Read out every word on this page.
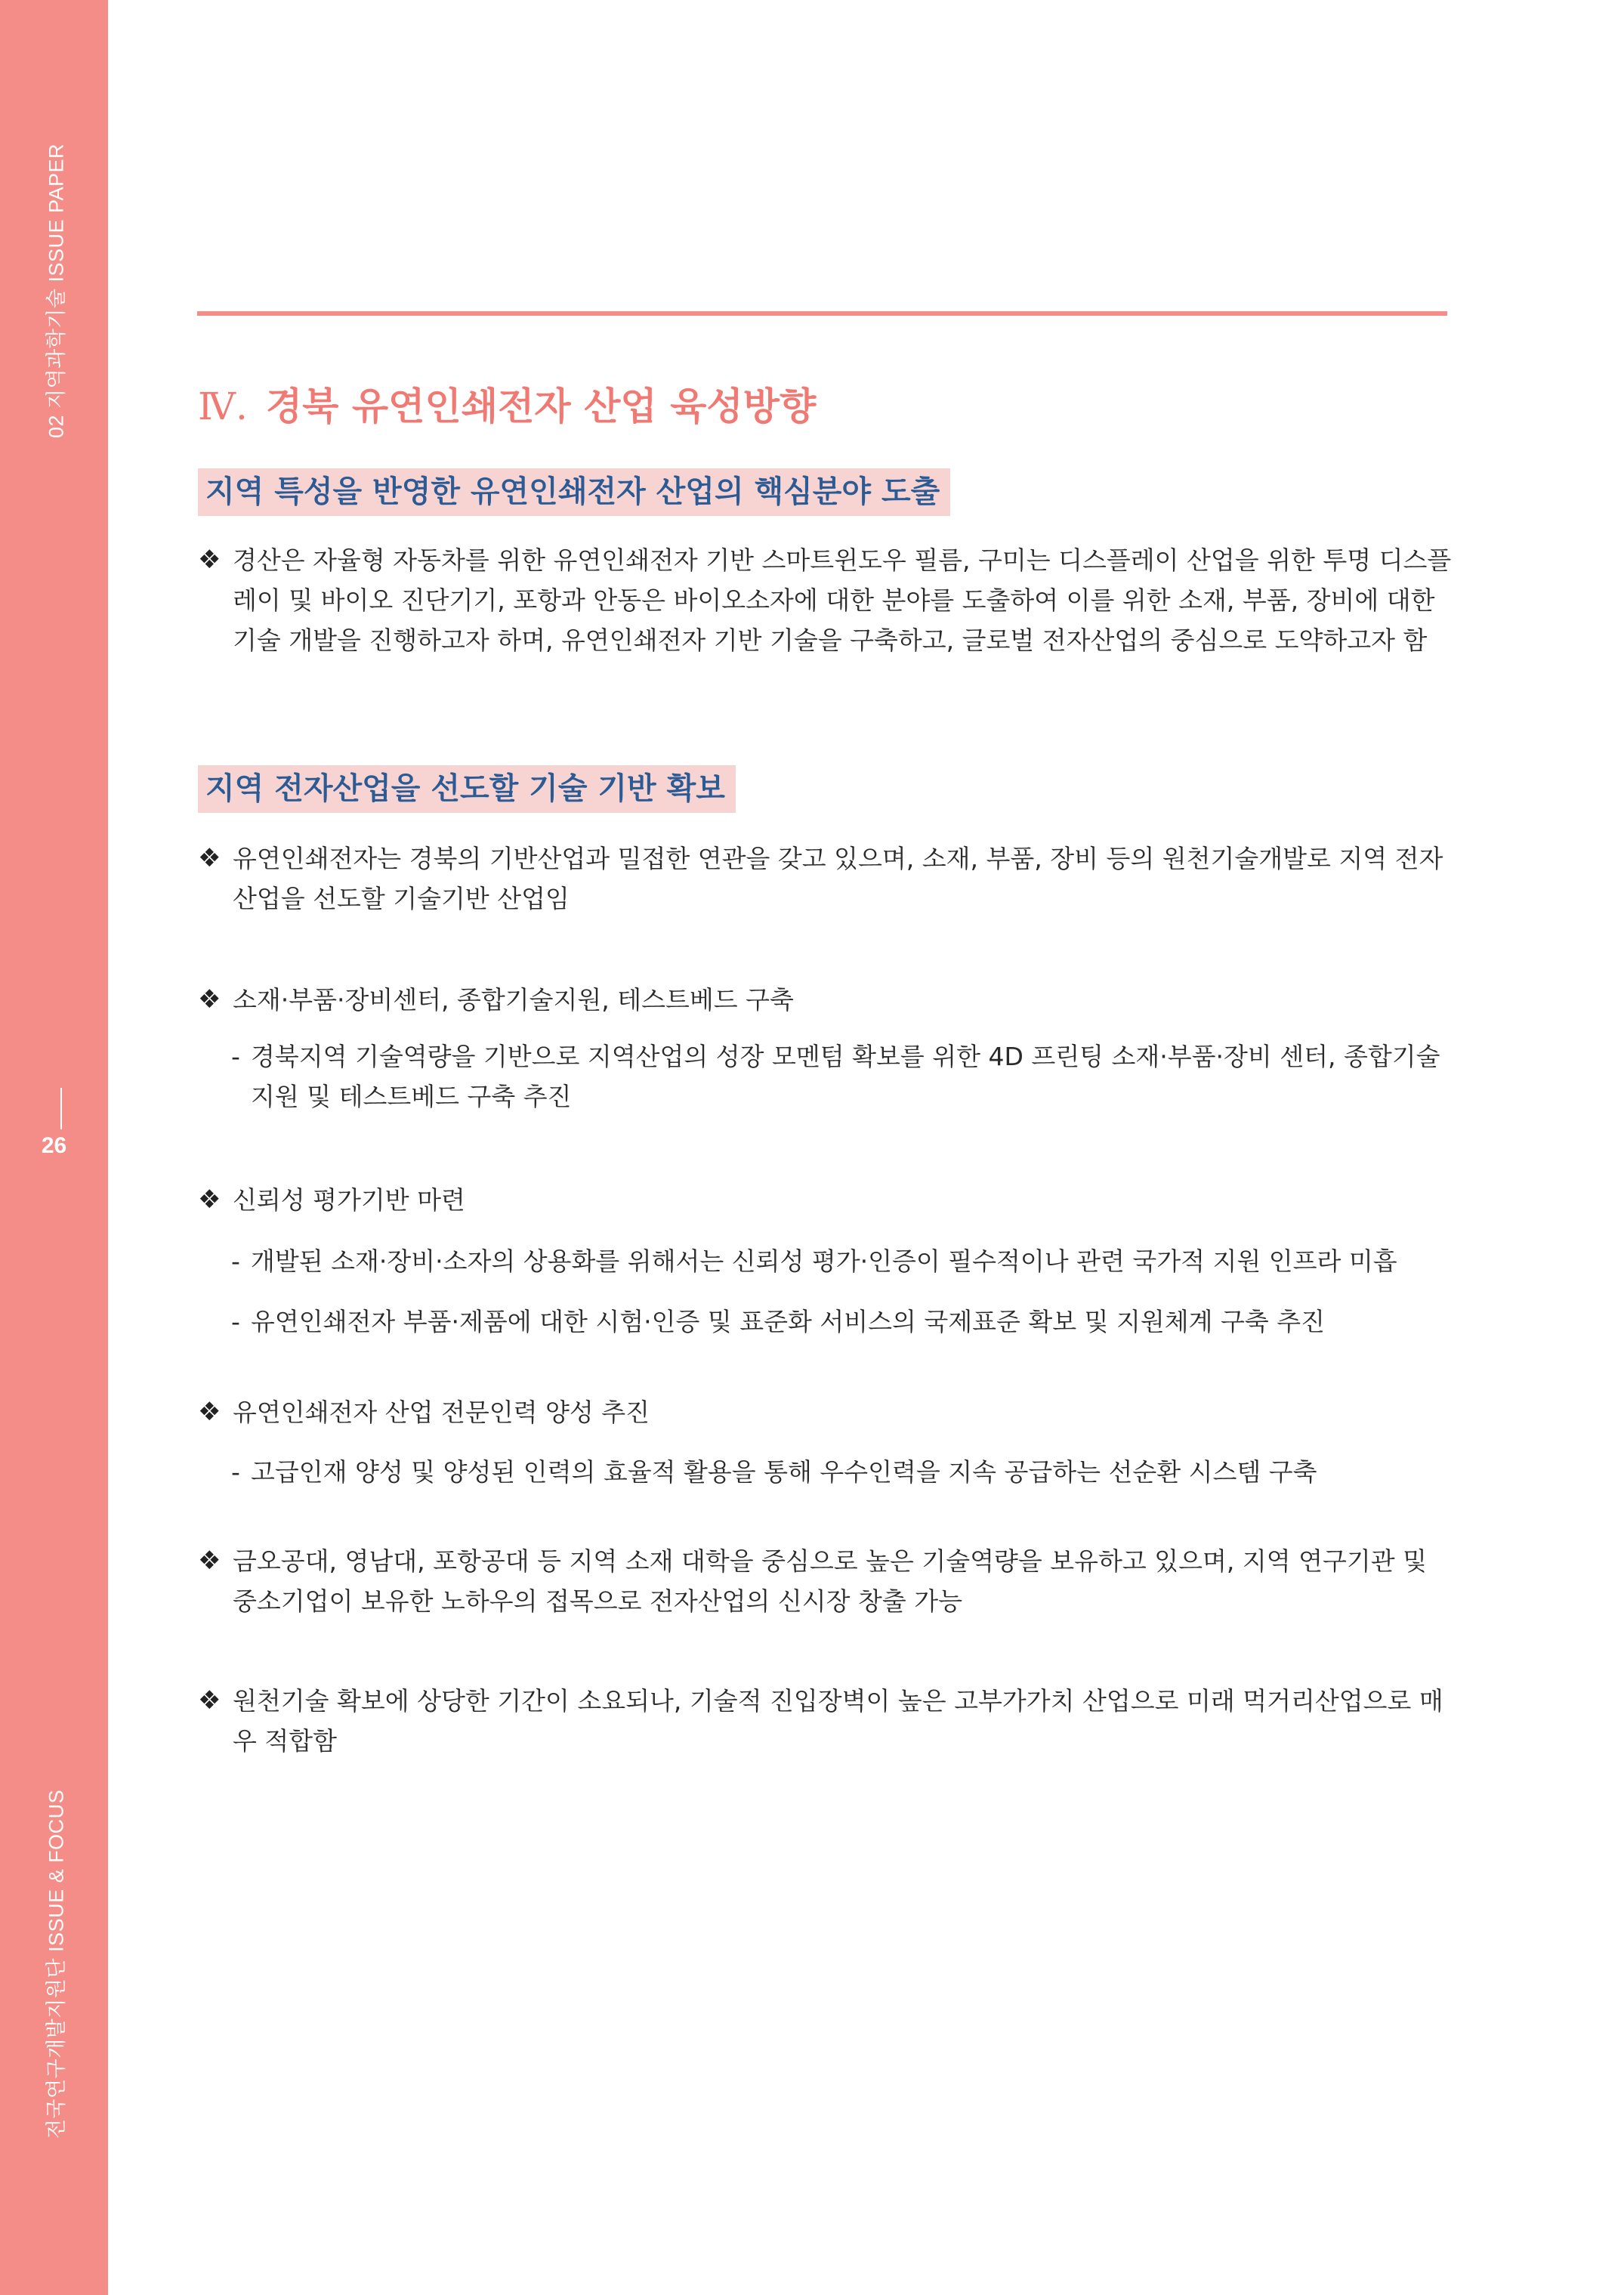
02 지역과학기술 ISSUE PAPER
26
전국연구개발지원단 ISSUE & FOCUS
Ⅳ. 경북 유연인쇄전자 산업 육성방향
지역 특성을 반영한 유연인쇄전자 산업의 핵심분야 도출
❖ 경산은 자율형 자동차를 위한 유연인쇄전자 기반 스마트윈도우 필름, 구미는 디스플레이 산업을 위한 투명 디스플레이 및 바이오 진단기기, 포항과 안동은 바이오소자에 대한 분야를 도출하여 이를 위한 소재, 부품, 장비에 대한 기술 개발을 진행하고자 하며, 유연인쇄전자 기반 기술을 구축하고, 글로벌 전자산업의 중심으로 도약하고자 함
지역 전자산업을 선도할 기술 기반 확보
❖ 유연인쇄전자는 경북의 기반산업과 밀접한 연관을 갖고 있으며, 소재, 부품, 장비 등의 원천기술개발로 지역 전자산업을 선도할 기술기반 산업임
❖ 소재·부품·장비센터, 종합기술지원, 테스트베드 구축
- 경북지역 기술역량을 기반으로 지역산업의 성장 모멘텀 확보를 위한 4D 프린팅 소재·부품·장비 센터, 종합기술지원 및 테스트베드 구축 추진
❖ 신뢰성 평가기반 마련
- 개발된 소재·장비·소자의 상용화를 위해서는 신뢰성 평가·인증이 필수적이나 관련 국가적 지원 인프라 미흡
- 유연인쇄전자 부품·제품에 대한 시험·인증 및 표준화 서비스의 국제표준 확보 및 지원체계 구축 추진
❖ 유연인쇄전자 산업 전문인력 양성 추진
- 고급인재 양성 및 양성된 인력의 효율적 활용을 통해 우수인력을 지속 공급하는 선순환 시스템 구축
❖ 금오공대, 영남대, 포항공대 등 지역 소재 대학을 중심으로 높은 기술역량을 보유하고 있으며, 지역 연구기관 및 중소기업이 보유한 노하우의 접목으로 전자산업의 신시장 창출 가능
❖ 원천기술 확보에 상당한 기간이 소요되나, 기술적 진입장벽이 높은 고부가가치 산업으로 미래 먹거리산업으로 매우 적합함
